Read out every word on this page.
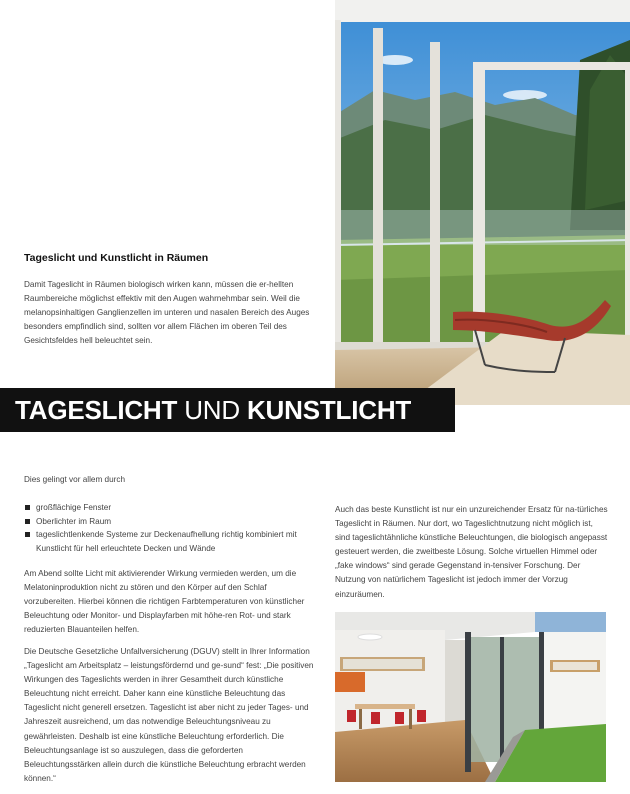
Tageslicht und Kunstlicht in Räumen

Damit Tageslicht in Räumen biologisch wirken kann, müssen die er-hellten Raumbereiche möglichst effektiv mit den Augen wahrnehmbar sein. Weil die melanopsinhaltigen Ganglienzellen im unteren und nasalen Bereich des Auges besonders empfindlich sind, sollten vor allem Flächen im oberen Teil des Gesichtsfeldes hell beleuchtet sein.

TAGESLICHT UND KUNSTLICHT

Dies gelingt vor allem durch

großflächige Fenster
Oberlichter im Raum
tageslichtlenkende Systeme zur Deckenaufhellung richtig kombiniert mit Kunstlicht für hell erleuchtete Decken und Wände

Am Abend sollte Licht mit aktivierender Wirkung vermieden werden, um die Melatoninproduktion nicht zu stören und den Körper auf den Schlaf vorzubereiten. Hierbei können die richtigen Farbtemperaturen von künstlicher Beleuchtung oder Monitor- und Displayfarben mit höhe-ren Rot- und stark reduzierten Blauanteilen helfen.

Die Deutsche Gesetzliche Unfallversicherung (DGUV) stellt in Ihrer Information „Tageslicht am Arbeitsplatz – leistungsfördernd und ge-sund“ fest: „Die positiven Wirkungen des Tageslichts werden in ihrer Gesamtheit durch künstliche Beleuchtung nicht erreicht. Daher kann eine künstliche Beleuchtung das Tageslicht nicht generell ersetzen. Tageslicht ist aber nicht zu jeder Tages- und Jahreszeit ausreichend, um das notwendige Beleuchtungsniveau zu gewährleisten. Deshalb ist eine künstliche Beleuchtung erforderlich. Die Beleuchtungsanlage ist so auszulegen, dass die geforderten Beleuchtungsstärken allein durch die künstliche Beleuchtung erbracht werden können.“

Auch das beste Kunstlicht ist nur ein unzureichender Ersatz für na-türliches Tageslicht in Räumen. Nur dort, wo Tageslichtnutzung nicht möglich ist, sind tageslichtähnliche künstliche Beleuchtungen, die biologisch angepasst gesteuert werden, die zweitbeste Lösung. Solche virtuellen Himmel oder „fake windows“ sind gerade Gegenstand in-tensiver Forschung. Der Nutzung von natürlichem Tageslicht ist jedoch immer der Vorzug einzuräumen.
